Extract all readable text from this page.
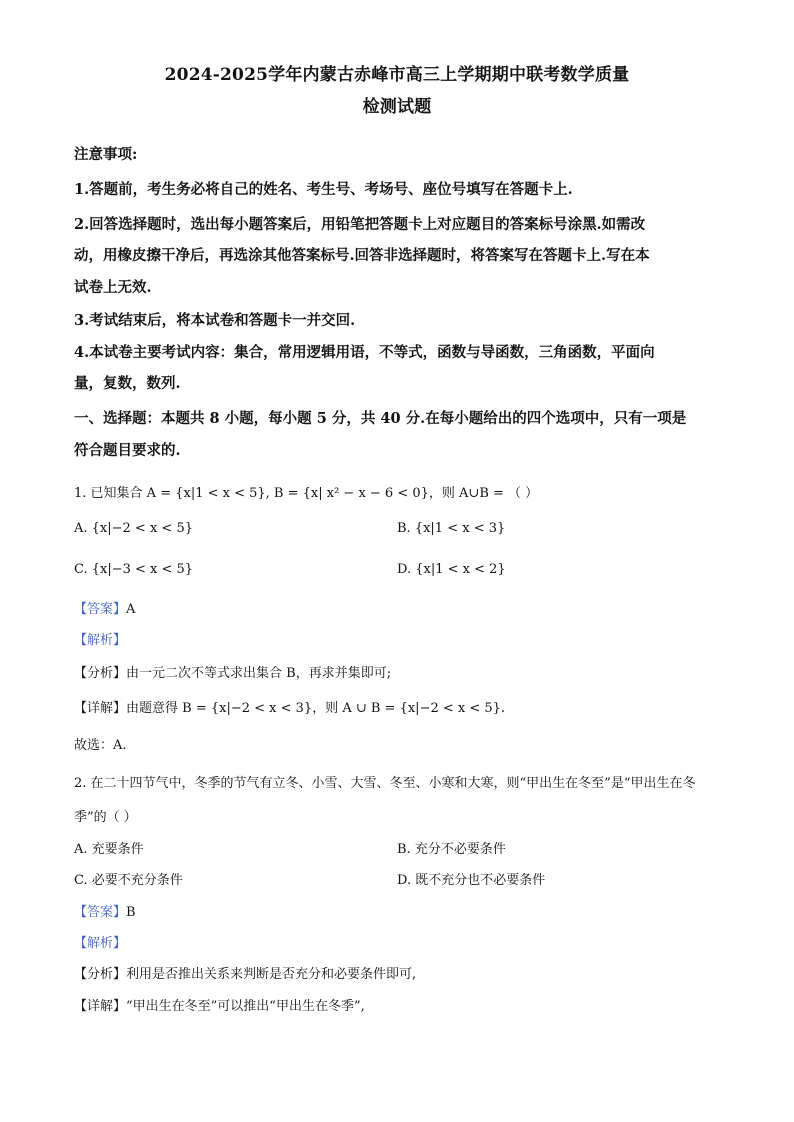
2024-2025学年内蒙古赤峰市高三上学期期中联考数学质量
检测试题
注意事项:
1.答题前，考生务必将自己的姓名、考生号、考场号、座位号填写在答题卡上.
2.回答选择题时，选出每小题答案后，用铅笔把答题卡上对应题目的答案标号涂黑.如需改
动，用橡皮擦干净后，再选涂其他答案标号.回答非选择题时，将答案写在答题卡上.写在本
试卷上无效.
3.考试结束后，将本试卷和答题卡一并交回.
4.本试卷主要考试内容：集合，常用逻辑用语，不等式，函数与导函数，三角函数，平面向
量，复数，数列.
一、选择题：本题共 8 小题，每小题 5 分，共 40 分.在每小题给出的四个选项中，只有一项是
符合题目要求的.
1. 已知集合 A = {x|1 < x < 5}, B = {x| x² − x − 6 < 0}，则 A∪B = （ ）
A. {x|−2 < x < 5}	B. {x|1 < x < 3}
C. {x|−3 < x < 5}	D. {x|1 < x < 2}
【答案】A
【解析】
【分析】由一元二次不等式求出集合 B，再求并集即可;
【详解】由题意得 B = {x|−2 < x < 3}，则 A ∪ B = {x|−2 < x < 5}.
故选：A.
2. 在二十四节气中，冬季的节气有立冬、小雪、大雪、冬至、小寒和大寒，则“甲出生在冬至”是“甲出生在冬
季”的（ ）
A. 充要条件	B. 充分不必要条件
C. 必要不充分条件	D. 既不充分也不必要条件
【答案】B
【解析】
【分析】利用是否推出关系来判断是否充分和必要条件即可,
【详解】“甲出生在冬至”可以推出“甲出生在冬季”,
